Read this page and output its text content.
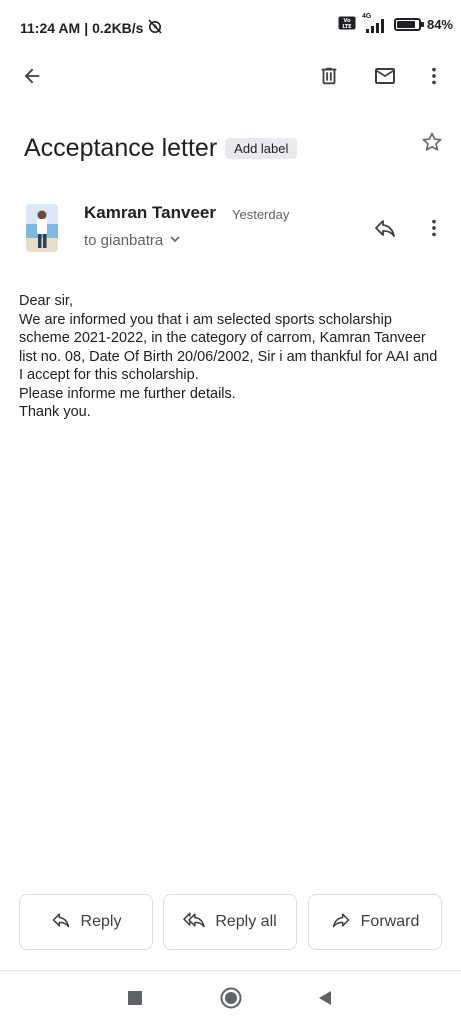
11:24 AM | 0.2KB/s	Vo
LTE
4G
84%
Acceptance letter	Add label
Kamran Tanveer Yesterday
to gianbatra

Dear sir,

We are informed you that i am selected sports scholarship scheme 2021-2022, in the category of carrom, Kamran Tanveer list no. 08, Date Of Birth 20/06/2002, Sir i am thankful for AAI and I accept for this scholarship.

Please informe me further details.

Thank you.

Reply	Reply all	Forward
